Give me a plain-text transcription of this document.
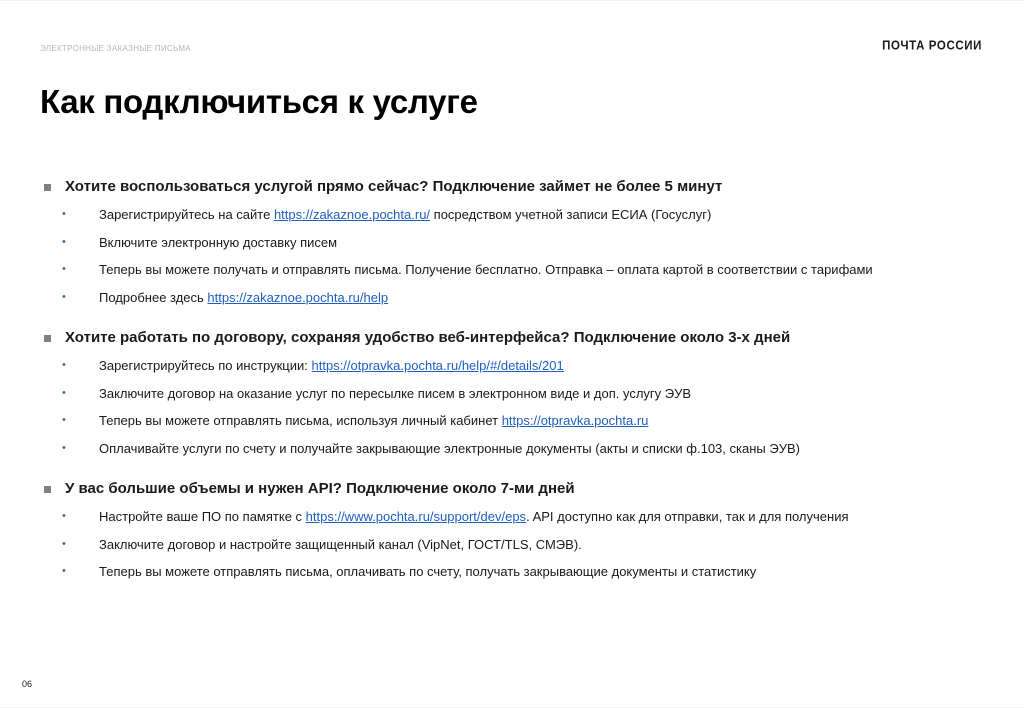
ЭЛЕКТРОННЫЕ ЗАКАЗНЫЕ ПИСЬМА	ПОЧТА РОССИИ
Как подключиться к услуге
Хотите воспользоваться услугой прямо сейчас? Подключение займет не более 5 минут
•	Зарегистрируйтесь на сайте https://zakaznoe.pochta.ru/ посредством учетной записи ЕСИА (Госуслуг)
•	Включите электронную доставку писем
•	Теперь вы можете получать и отправлять письма. Получение бесплатно. Отправка – оплата картой в соответствии с тарифами
•	Подробнее здесь https://zakaznoe.pochta.ru/help
Хотите работать по договору, сохраняя удобство веб-интерфейса? Подключение около 3-х дней
•	Зарегистрируйтесь по инструкции: https://otpravka.pochta.ru/help/#/details/201
•	Заключите договор на оказание услуг по пересылке писем в электронном виде и доп. услугу ЭУВ
•	Теперь вы можете отправлять письма, используя личный кабинет https://otpravka.pochta.ru
•	Оплачивайте услуги по счету и получайте закрывающие электронные документы (акты и списки ф.103, сканы ЭУВ)
У вас большие объемы и нужен API? Подключение около 7-ми дней
•	Настройте ваше ПО по памятке с https://www.pochta.ru/support/dev/eps. API доступно как для отправки, так и для получения
•	Заключите договор и настройте защищенный канал (VipNet, ГОСТ/TLS, СМЭВ).
•	Теперь вы можете отправлять письма, оплачивать по счету, получать закрывающие документы и статистику
06
